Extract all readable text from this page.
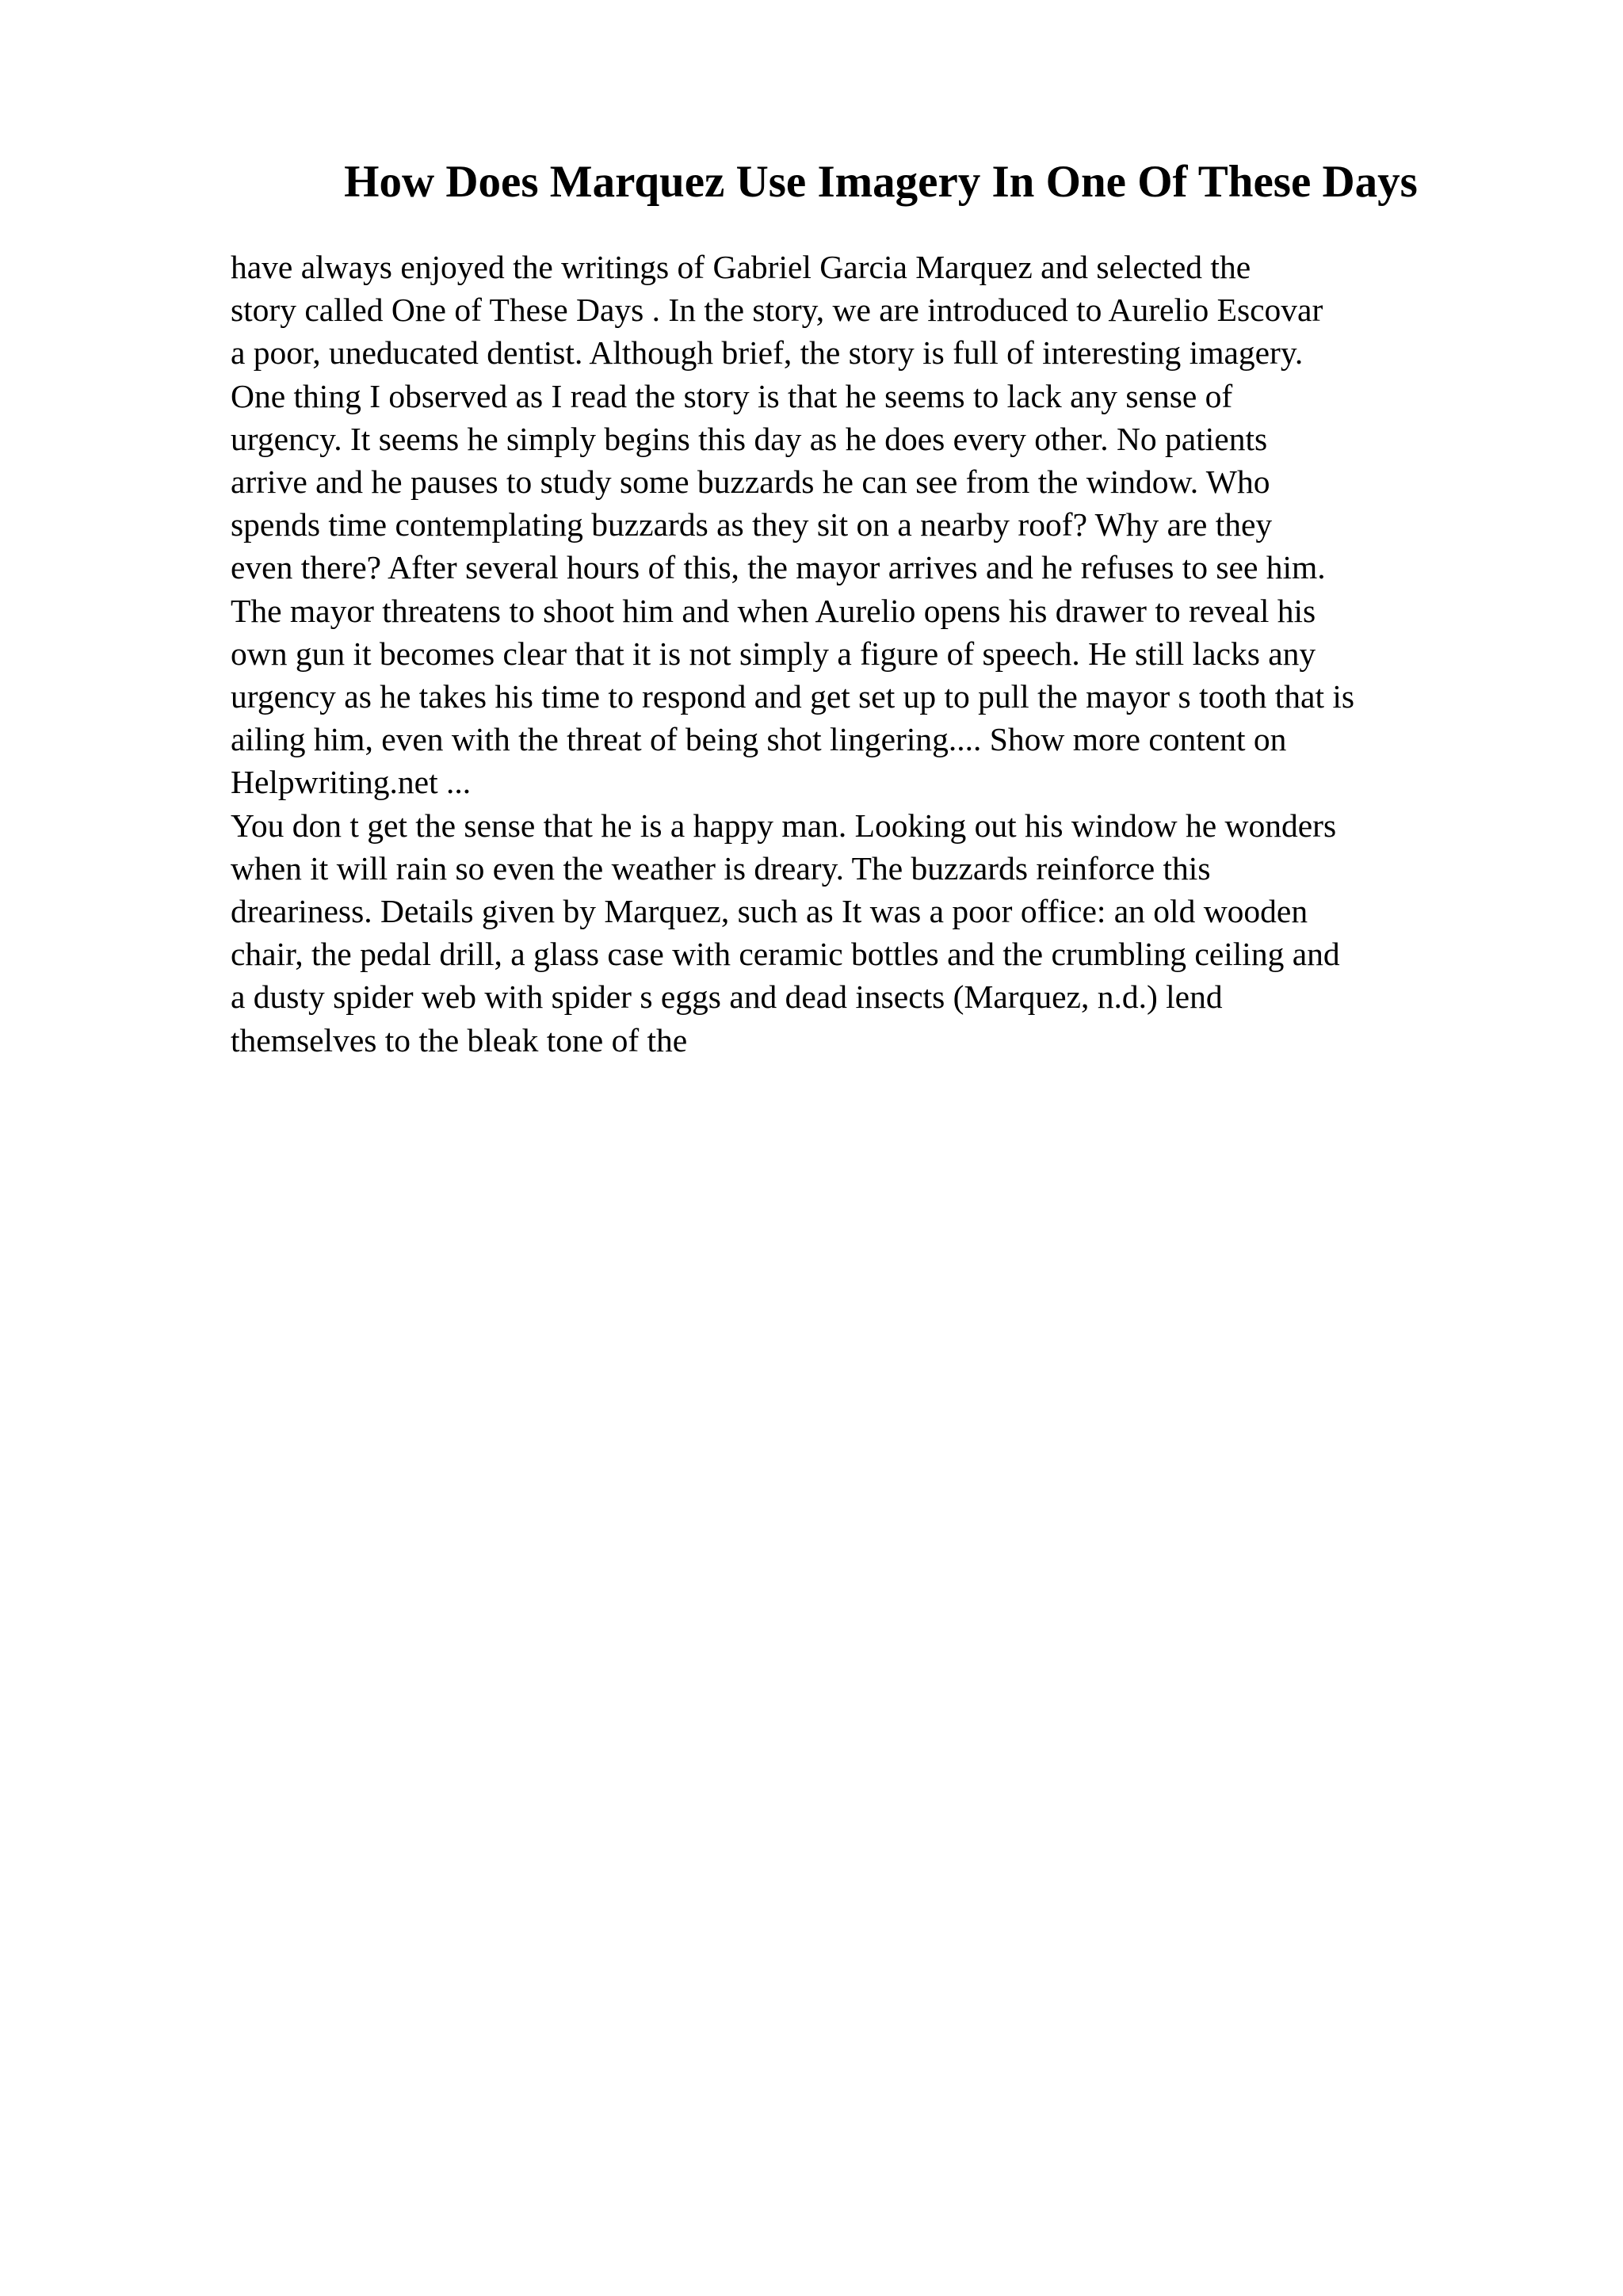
How Does Marquez Use Imagery In One Of These Days
have always enjoyed the writings of Gabriel Garcia Marquez and selected the
story called One of These Days . In the story, we are introduced to Aurelio Escovar
a poor, uneducated dentist. Although brief, the story is full of interesting imagery.
One thing I observed as I read the story is that he seems to lack any sense of
urgency. It seems he simply begins this day as he does every other. No patients
arrive and he pauses to study some buzzards he can see from the window. Who
spends time contemplating buzzards as they sit on a nearby roof? Why are they
even there? After several hours of this, the mayor arrives and he refuses to see him.
The mayor threatens to shoot him and when Aurelio opens his drawer to reveal his
own gun it becomes clear that it is not simply a figure of speech. He still lacks any
urgency as he takes his time to respond and get set up to pull the mayor s tooth that is
ailing him, even with the threat of being shot lingering.... Show more content on
Helpwriting.net ...
You don t get the sense that he is a happy man. Looking out his window he wonders
when it will rain so even the weather is dreary. The buzzards reinforce this
dreariness. Details given by Marquez, such as It was a poor office: an old wooden
chair, the pedal drill, a glass case with ceramic bottles and the crumbling ceiling and
a dusty spider web with spider s eggs and dead insects (Marquez, n.d.) lend
themselves to the bleak tone of the
